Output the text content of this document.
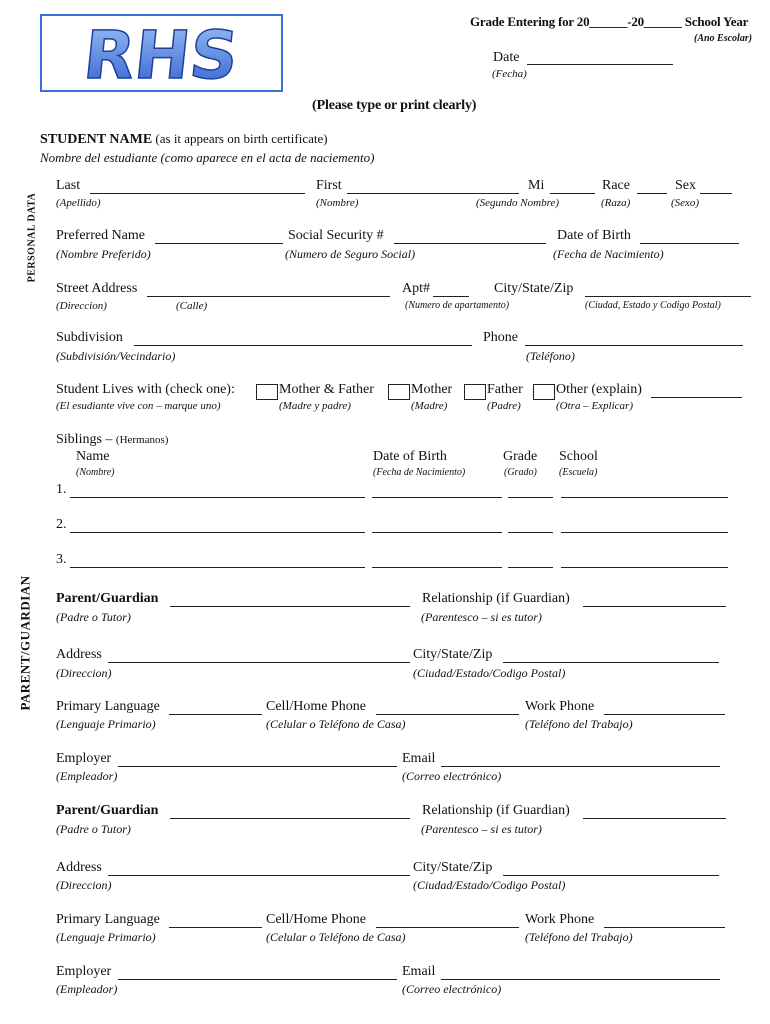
RHS	Grade Entering for 20______-20______ School Year
(Ano Escolar)
Date
(Fecha)
(Please type or print clearly)
PERSONAL DATA
PARENT/GUARDIAN
STUDENT NAME (as it appears on birth certificate)
Nombre del estudiante (como aparece en el acta de naciemento)
Last
(Apellido)
First
(Nombre)
Mi
(Segundo Nombre)
Race
(Raza)
Sex
(Sexo)
Preferred Name
(Nombre Preferido)
Social Security #
(Numero de Seguro Social)
Date of Birth
(Fecha de Nacimiento)
Street Address
(Direccion)	(Calle)
Apt#
(Numero de apartamento)
City/State/Zip
(Ciudad, Estado y Codigo Postal)
Subdivision
(Subdivisión/Vecindario)
Phone
(Teléfono)
Student Lives with (check one):
(El esudiante vive con – marque uno)
Mother & Father
(Madre y padre)
Mother
(Madre)
Father
(Padre)
Other (explain)
(Otra – Explicar)
Siblings – (Hermanos)
Name
(Nombre)
Date of Birth
(Fecha de Nacimiento)
Grade
(Grado)
School
(Escuela)
1.
2.
3.
Parent/Guardian
(Padre o Tutor)
Relationship (if Guardian)
(Parentesco – si es tutor)
Address
(Direccion)
City/State/Zip
(Ciudad/Estado/Codigo Postal)
Primary Language
(Lenguaje Primario)
Cell/Home Phone
(Celular o Teléfono de Casa)
Work Phone
(Teléfono del Trabajo)
Employer
(Empleador)
Email
(Correo electrónico)
Parent/Guardian
(Padre o Tutor)
Relationship (if Guardian)
(Parentesco – si es tutor)
Address
(Direccion)
City/State/Zip
(Ciudad/Estado/Codigo Postal)
Primary Language
(Lenguaje Primario)
Cell/Home Phone
(Celular o Teléfono de Casa)
Work Phone
(Teléfono del Trabajo)
Employer
(Empleador)
Email
(Correo electrónico)
